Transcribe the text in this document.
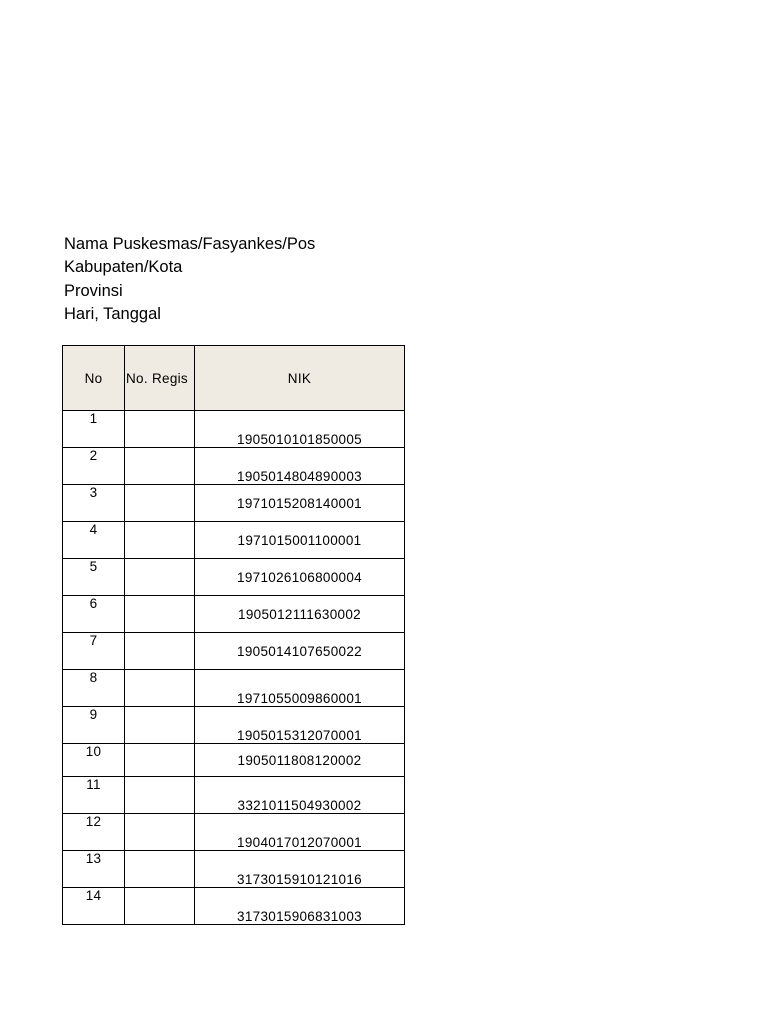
Nama Puskesmas/Fasyankes/Pos
Kabupaten/Kota
Provinsi
Hari, Tanggal
No	No. Regis	NIK
1		1905010101850005
2		1905014804890003
3		1971015208140001
4		1971015001100001
5		1971026106800004
6		1905012111630002
7		1905014107650022
8		1971055009860001
9		1905015312070001
10		1905011808120002
11		3321011504930002
12		1904017012070001
13		3173015910121016
14		3173015906831003
